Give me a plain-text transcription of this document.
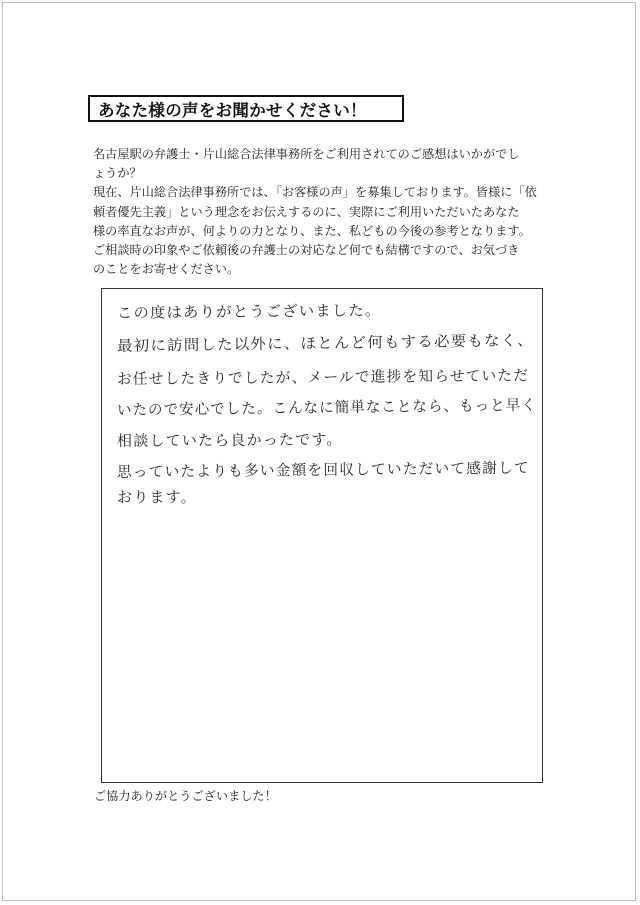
あなた様の声をお聞かせください！

名古屋駅の弁護士・片山総合法律事務所をご利用されてのご感想はいかがでし

ょうか？

現在、片山総合法律事務所では、「お客様の声」を募集しております。皆様に「依

頼者優先主義」という理念をお伝えするのに、実際にご利用いただいたあなた

様の率直なお声が、何よりの力となり、また、私どもの今後の参考となります。

ご相談時の印象やご依頼後の弁護士の対応など何でも結構ですので、お気づき

のことをお寄せください。

この度はありがとうございました。
最初に訪問した以外に、ほとんど何もする必要もなく、
お任せしたきりでしたが、メールで進捗を知らせていただ
いたので安心でした。こんなに簡単なことなら、もっと早く
相談していたら良かったです。
思っていたよりも多い金額を回収していただいて感謝して
おります。
ご協力ありがとうございました！
